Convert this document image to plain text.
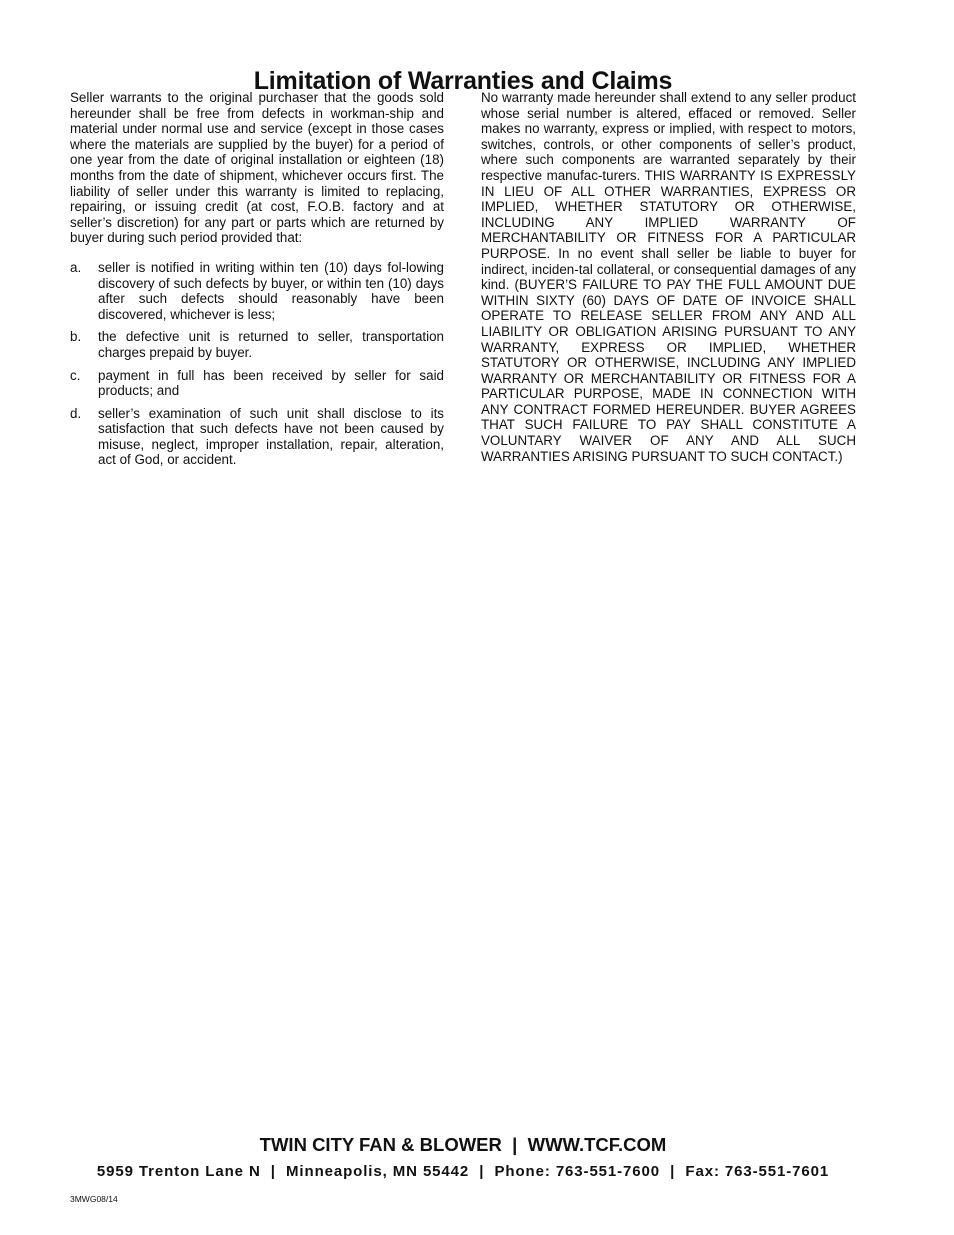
Limitation of Warranties and Claims

Seller warrants to the original purchaser that the goods sold hereunder shall be free from defects in workman-ship and material under normal use and service (except in those cases where the materials are supplied by the buyer) for a period of one year from the date of original installation or eighteen (18) months from the date of shipment, whichever occurs first. The liability of seller under this warranty is limited to replacing, repairing, or issuing credit (at cost, F.O.B. factory and at seller’s discretion) for any part or parts which are returned by buyer during such period provided that:

a.	seller is notified in writing within ten (10) days fol-lowing discovery of such defects by buyer, or within ten (10) days after such defects should reasonably have been discovered, whichever is less;
b.	the defective unit is returned to seller, transportation charges prepaid by buyer.
c.	payment in full has been received by seller for said products; and
d.	seller’s examination of such unit shall disclose to its satisfaction that such defects have not been caused by misuse, neglect, improper installation, repair, alteration, act of God, or accident.

No warranty made hereunder shall extend to any seller product whose serial number is altered, effaced or removed. Seller makes no warranty, express or implied, with respect to motors, switches, controls, or other components of seller’s product, where such components are warranted separately by their respective manufac-turers. THIS WARRANTY IS EXPRESSLY IN LIEU OF ALL OTHER WARRANTIES, EXPRESS OR IMPLIED, WHETHER STATUTORY OR OTHERWISE, INCLUDING ANY IMPLIED WARRANTY OF MERCHANTABILITY OR FITNESS FOR A PARTICULAR PURPOSE. In no event shall seller be liable to buyer for indirect, inciden-tal collateral, or consequential damages of any kind. (BUYER’S FAILURE TO PAY THE FULL AMOUNT DUE WITHIN SIXTY (60) DAYS OF DATE OF INVOICE SHALL OPERATE TO RELEASE SELLER FROM ANY AND ALL LIABILITY OR OBLIGATION ARISING PURSUANT TO ANY WARRANTY, EXPRESS OR IMPLIED, WHETHER STATUTORY OR OTHERWISE, INCLUDING ANY IMPLIED WARRANTY OR MERCHANTABILITY OR FITNESS FOR A PARTICULAR PURPOSE, MADE IN CONNECTION WITH ANY CONTRACT FORMED HEREUNDER. BUYER AGREES THAT SUCH FAILURE TO PAY SHALL CONSTITUTE A VOLUNTARY WAIVER OF ANY AND ALL SUCH WARRANTIES ARISING PURSUANT TO SUCH CONTACT.)

TWIN CITY FAN & BLOWER  |  WWW.TCF.COM
5959 Trenton Lane N  |  Minneapolis, MN 55442  |  Phone: 763-551-7600  |  Fax: 763-551-7601
3MWG08/14
